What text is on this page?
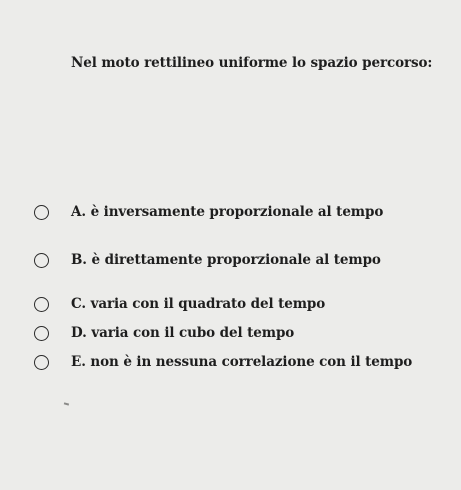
Nel moto rettilineo uniforme lo spazio percorso:
A. è inversamente proporzionale al tempo
B. è direttamente proporzionale al tempo
C. varia con il quadrato del tempo
D. varia con il cubo del tempo
E. non è in nessuna correlazione con il tempo
